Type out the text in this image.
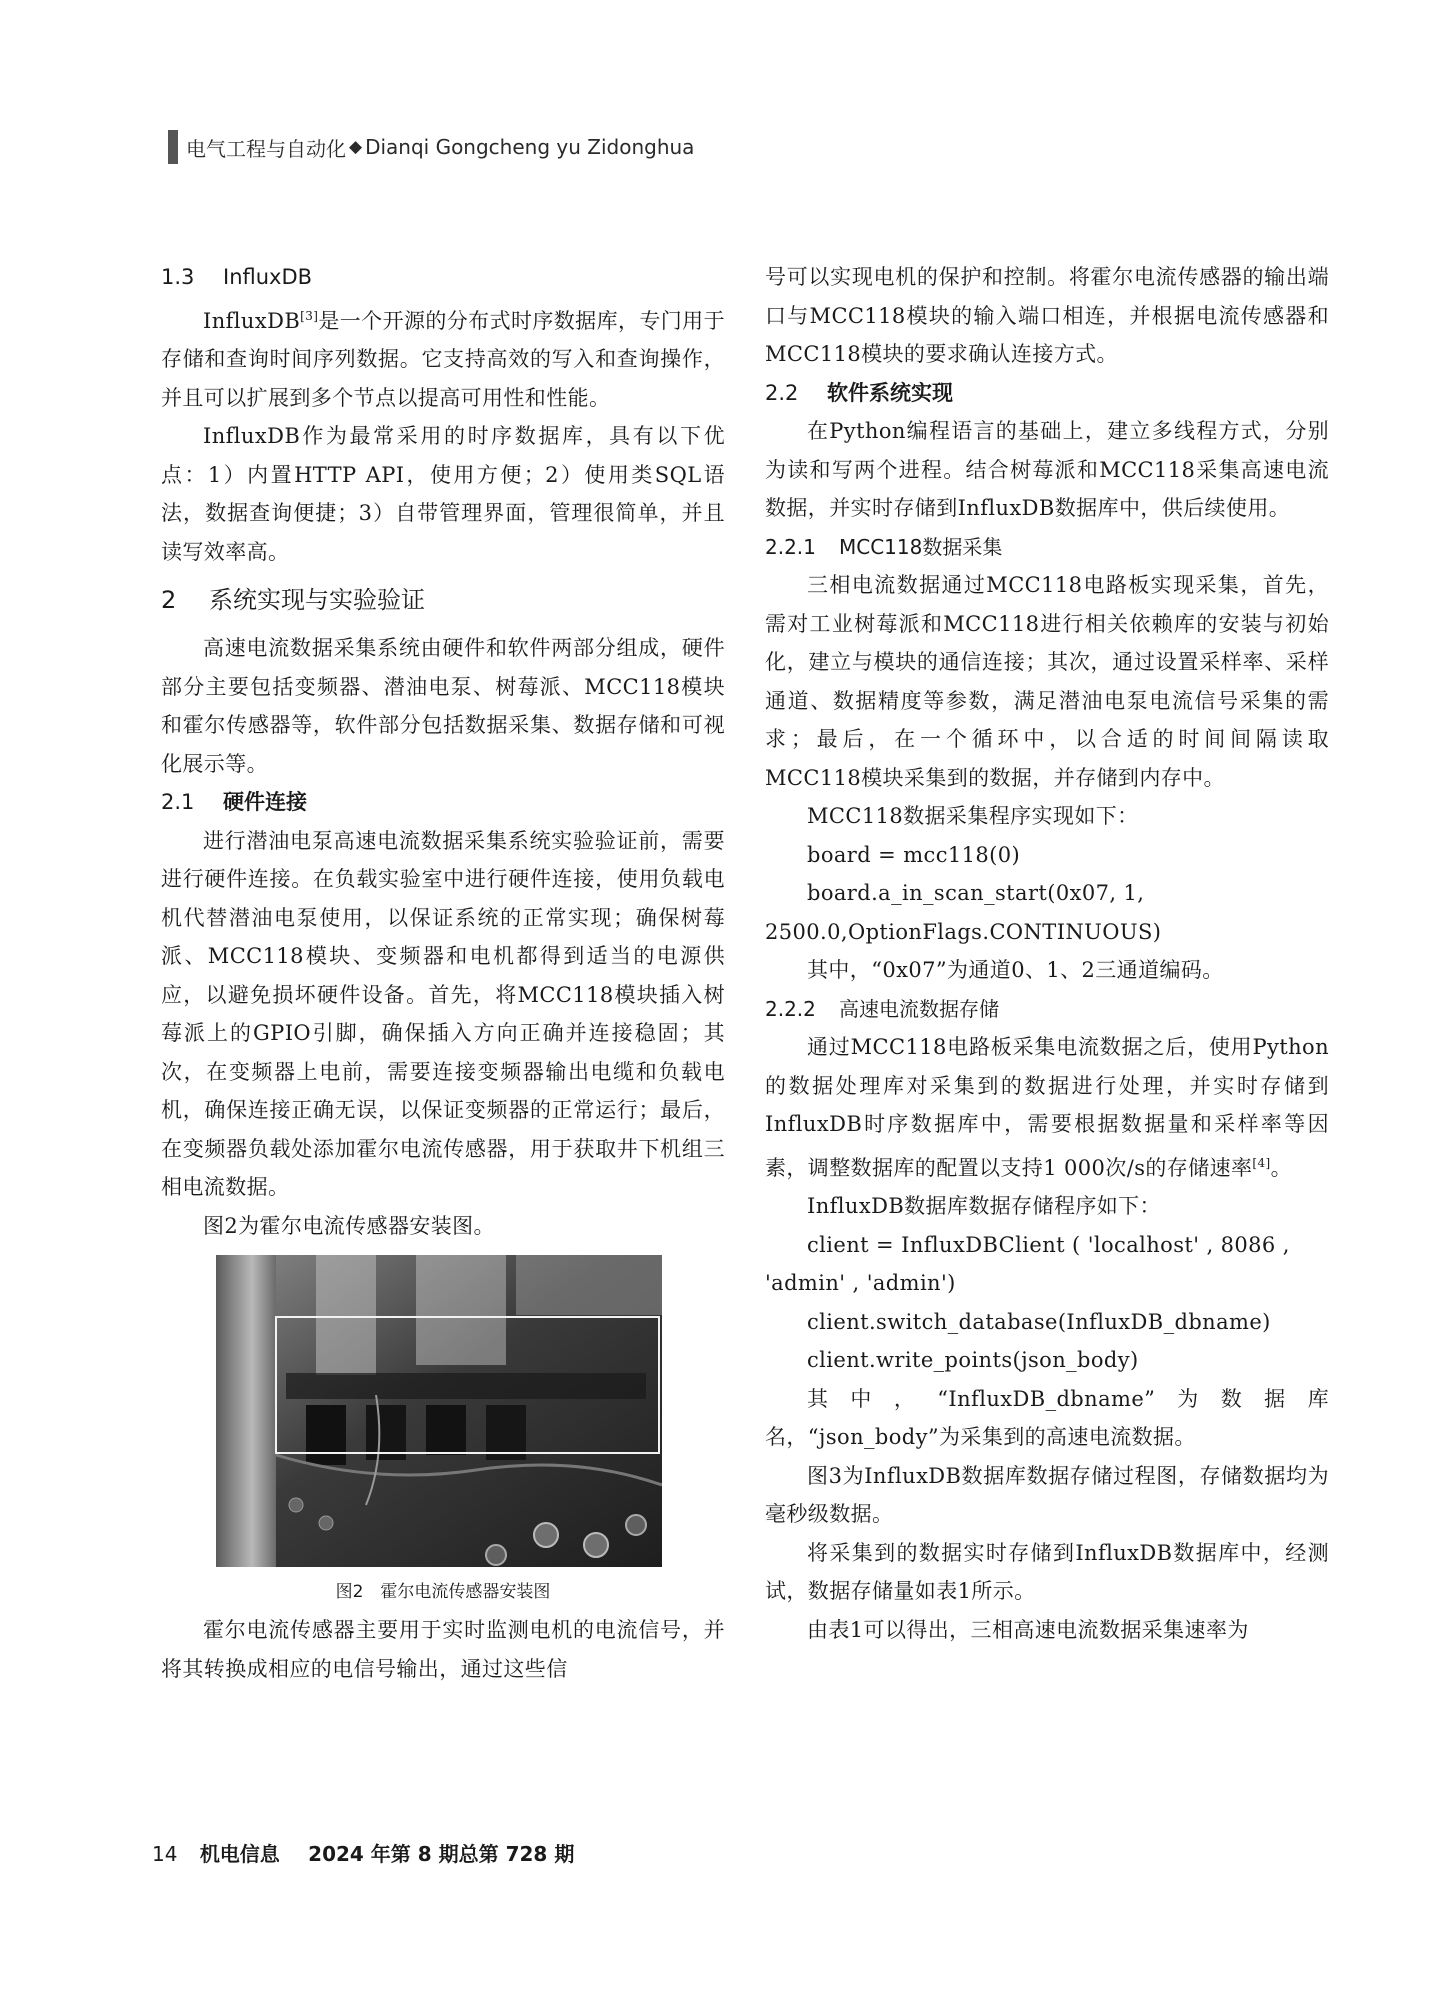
电气工程与自动化 ◆ Dianqi Gongcheng yu Zidonghua
1.3 InfluxDB

InfluxDB[3]是一个开源的分布式时序数据库，专门用于存储和查询时间序列数据。它支持高效的写入和查询操作，并且可以扩展到多个节点以提高可用性和性能。

InfluxDB作为最常采用的时序数据库，具有以下优点：1）内置HTTP API，使用方便；2）使用类SQL语法，数据查询便捷；3）自带管理界面，管理很简单，并且读写效率高。

2 系统实现与实验验证

高速电流数据采集系统由硬件和软件两部分组成，硬件部分主要包括变频器、潜油电泵、树莓派、MCC118模块和霍尔传感器等，软件部分包括数据采集、数据存储和可视化展示等。

2.1 硬件连接

进行潜油电泵高速电流数据采集系统实验验证前，需要进行硬件连接。在负载实验室中进行硬件连接，使用负载电机代替潜油电泵使用，以保证系统的正常实现；确保树莓派、MCC118模块、变频器和电机都得到适当的电源供应，以避免损坏硬件设备。首先，将MCC118模块插入树莓派上的GPIO引脚，确保插入方向正确并连接稳固；其次，在变频器上电前，需要连接变频器输出电缆和负载电机，确保连接正确无误，以保证变频器的正常运行；最后，在变频器负载处添加霍尔电流传感器，用于获取井下机组三相电流数据。

图2为霍尔电流传感器安装图。

图2　霍尔电流传感器安装图

霍尔电流传感器主要用于实时监测电机的电流信号，并将其转换成相应的电信号输出，通过这些信

号可以实现电机的保护和控制。将霍尔电流传感器的输出端口与MCC118模块的输入端口相连，并根据电流传感器和MCC118模块的要求确认连接方式。

2.2 软件系统实现

在Python编程语言的基础上，建立多线程方式，分别为读和写两个进程。结合树莓派和MCC118采集高速电流数据，并实时存储到InfluxDB数据库中，供后续使用。

2.2.1 MCC118数据采集

三相电流数据通过MCC118电路板实现采集，首先，需对工业树莓派和MCC118进行相关依赖库的安装与初始化，建立与模块的通信连接；其次，通过设置采样率、采样通道、数据精度等参数，满足潜油电泵电流信号采集的需求；最后，在一个循环中，以合适的时间间隔读取MCC118模块采集到的数据，并存储到内存中。

MCC118数据采集程序实现如下：

board = mcc118(0)

board.a_in_scan_start(0x07, 1, 2500.0,OptionFlags.CONTINUOUS)

其中，“0x07”为通道0、1、2三通道编码。

2.2.2 高速电流数据存储

通过MCC118电路板采集电流数据之后，使用Python的数据处理库对采集到的数据进行处理，并实时存储到InfluxDB时序数据库中，需要根据数据量和采样率等因素，调整数据库的配置以支持1 000次/s的存储速率[4]。

InfluxDB数据库数据存储程序如下：

client = InfluxDBClient ( 'localhost' , 8086 , 'admin' , 'admin')

client.switch_database(InfluxDB_dbname)

client.write_points(json_body)

其中，“InfluxDB_dbname”为数据库名，“json_body”为采集到的高速电流数据。

图3为InfluxDB数据库数据存储过程图，存储数据均为毫秒级数据。

将采集到的数据实时存储到InfluxDB数据库中，经测试，数据存储量如表1所示。

由表1可以得出，三相高速电流数据采集速率为

14 机电信息 2024 年第 8 期总第 728 期
